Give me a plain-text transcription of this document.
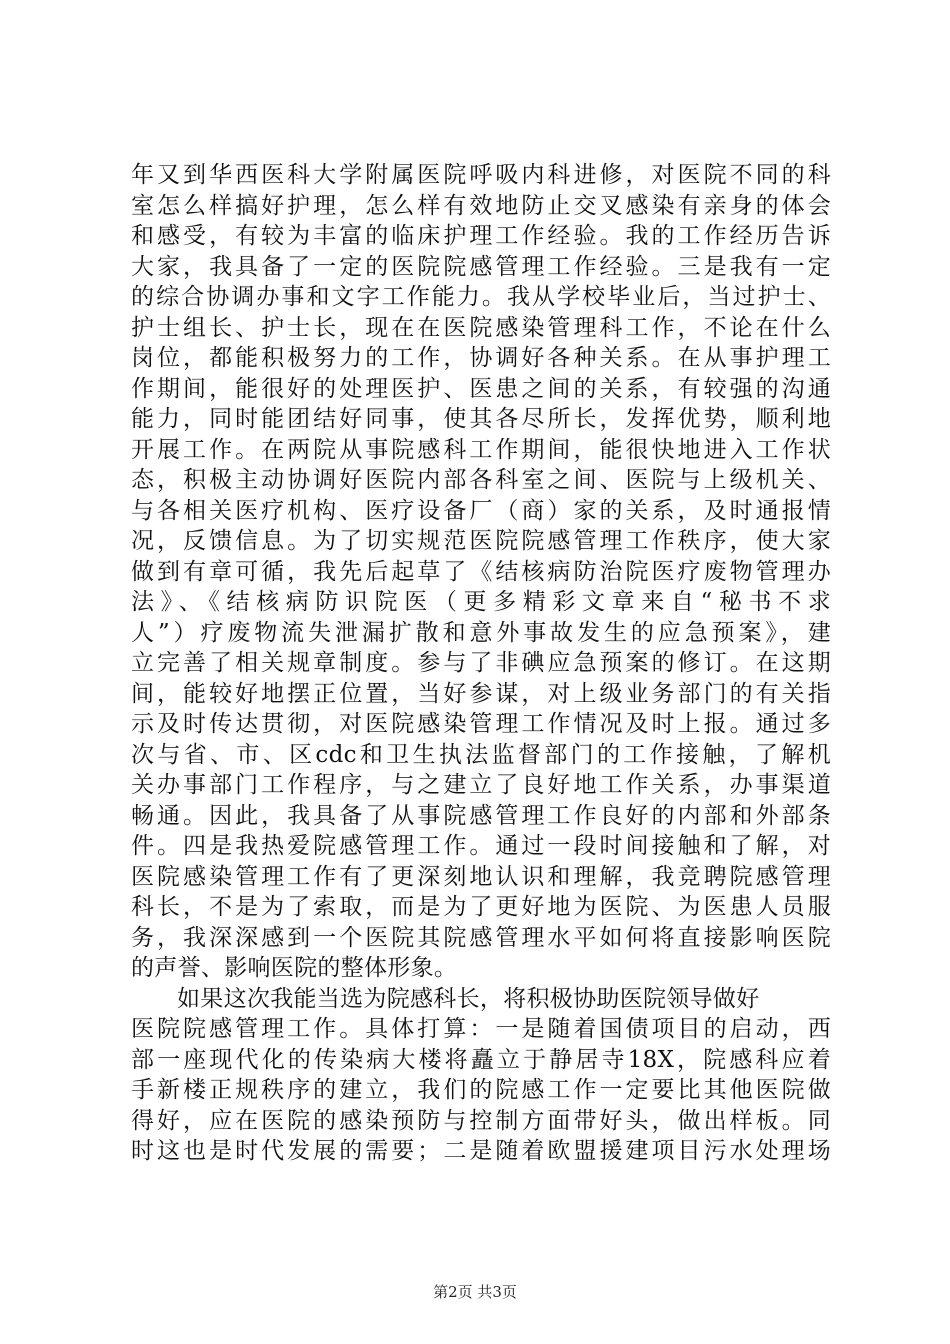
年又到华西医科大学附属医院呼吸内科进修，对医院不同的科
室怎么样搞好护理，怎么样有效地防止交叉感染有亲身的体会
和感受，有较为丰富的临床护理工作经验。我的工作经历告诉
大家，我具备了一定的医院院感管理工作经验。三是我有一定
的综合协调办事和文字工作能力。我从学校毕业后，当过护士、
护士组长、护士长，现在在医院感染管理科工作，不论在什么
岗位，都能积极努力的工作，协调好各种关系。在从事护理工
作期间，能很好的处理医护、医患之间的关系，有较强的沟通
能力，同时能团结好同事，使其各尽所长，发挥优势，顺利地
开展工作。在两院从事院感科工作期间，能很快地进入工作状
态，积极主动协调好医院内部各科室之间、医院与上级机关、
与各相关医疗机构、医疗设备厂（商）家的关系，及时通报情
况，反馈信息。为了切实规范医院院感管理工作秩序，使大家
做到有章可循，我先后起草了《结核病防治院医疗废物管理办
法》、《结核病防识院医（更多精彩文章来自“秘书不求
人”）疗废物流失泄漏扩散和意外事故发生的应急预案》，建
立完善了相关规章制度。参与了非碘应急预案的修订。在这期
间，能较好地摆正位置，当好参谋，对上级业务部门的有关指
示及时传达贯彻，对医院感染管理工作情况及时上报。通过多
次与省、市、区cdc和卫生执法监督部门的工作接触，了解机
关办事部门工作程序，与之建立了良好地工作关系，办事渠道
畅通。因此，我具备了从事院感管理工作良好的内部和外部条
件。四是我热爱院感管理工作。通过一段时间接触和了解，对
医院感染管理工作有了更深刻地认识和理解，我竞聘院感管理
科长，不是为了索取，而是为了更好地为医院、为医患人员服
务，我深深感到一个医院其院感管理水平如何将直接影响医院
的声誉、影响医院的整体形象。
如果这次我能当选为院感科长，将积极协助医院领导做好
医院院感管理工作。具体打算：一是随着国债项目的启动，西
部一座现代化的传染病大楼将矗立于静居寺18X，院感科应着
手新楼正规秩序的建立，我们的院感工作一定要比其他医院做
得好，应在医院的感染预防与控制方面带好头，做出样板。同
时这也是时代发展的需要；二是随着欧盟援建项目污水处理场
第2页 共3页
